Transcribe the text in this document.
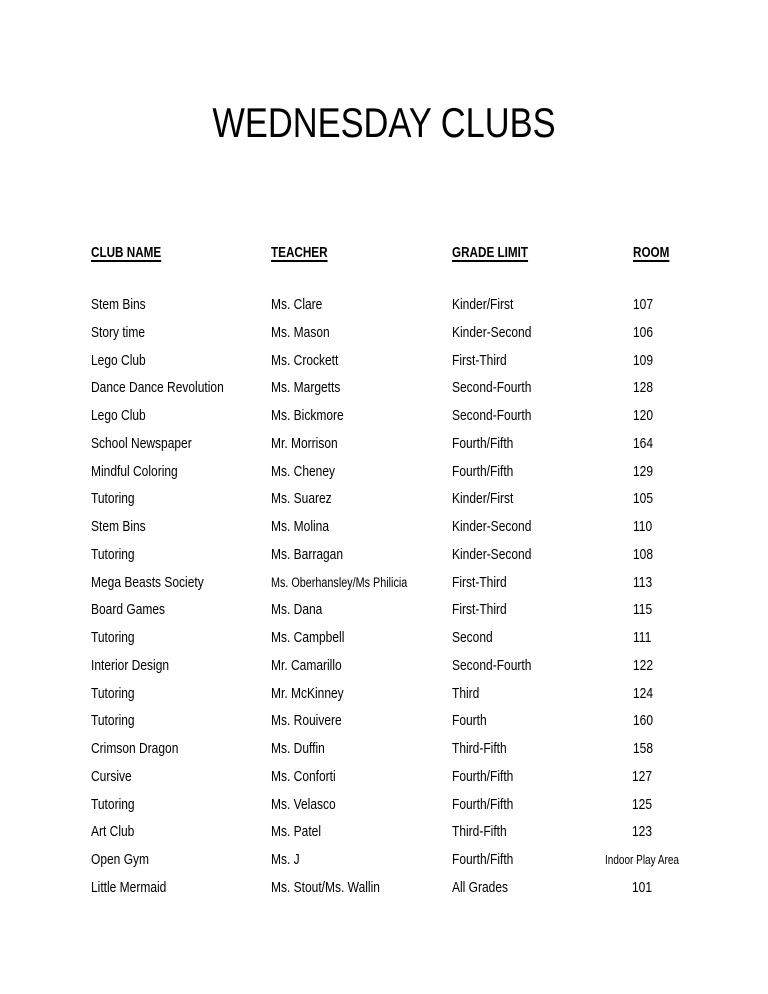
WEDNESDAY CLUBS
CLUB NAME	TEACHER	GRADE LIMIT	ROOM
Stem Bins	Ms. Clare	Kinder/First	107
Story time	Ms. Mason	Kinder-Second	106
Lego Club	Ms. Crockett	First-Third	109
Dance Dance Revolution	Ms. Margetts	Second-Fourth	128
Lego Club	Ms. Bickmore	Second-Fourth	120
School Newspaper	Mr. Morrison	Fourth/Fifth	164
Mindful Coloring	Ms. Cheney	Fourth/Fifth	129
Tutoring	Ms. Suarez	Kinder/First	105
Stem Bins	Ms. Molina	Kinder-Second	110
Tutoring	Ms. Barragan	Kinder-Second	108
Mega Beasts Society	Ms. Oberhansley/Ms Philicia	First-Third	113
Board Games	Ms. Dana	First-Third	115
Tutoring	Ms. Campbell	Second	111
Interior Design	Mr. Camarillo	Second-Fourth	122
Tutoring	Mr. McKinney	Third	124
Tutoring	Ms. Rouivere	Fourth	160
Crimson Dragon	Ms. Duffin	Third-Fifth	158
Cursive	Ms. Conforti	Fourth/Fifth	127
Tutoring	Ms. Velasco	Fourth/Fifth	125
Art Club	Ms. Patel	Third-Fifth	123
Open Gym	Ms. J	Fourth/Fifth	Indoor Play Area
Little Mermaid	Ms. Stout/Ms. Wallin	All Grades	101
